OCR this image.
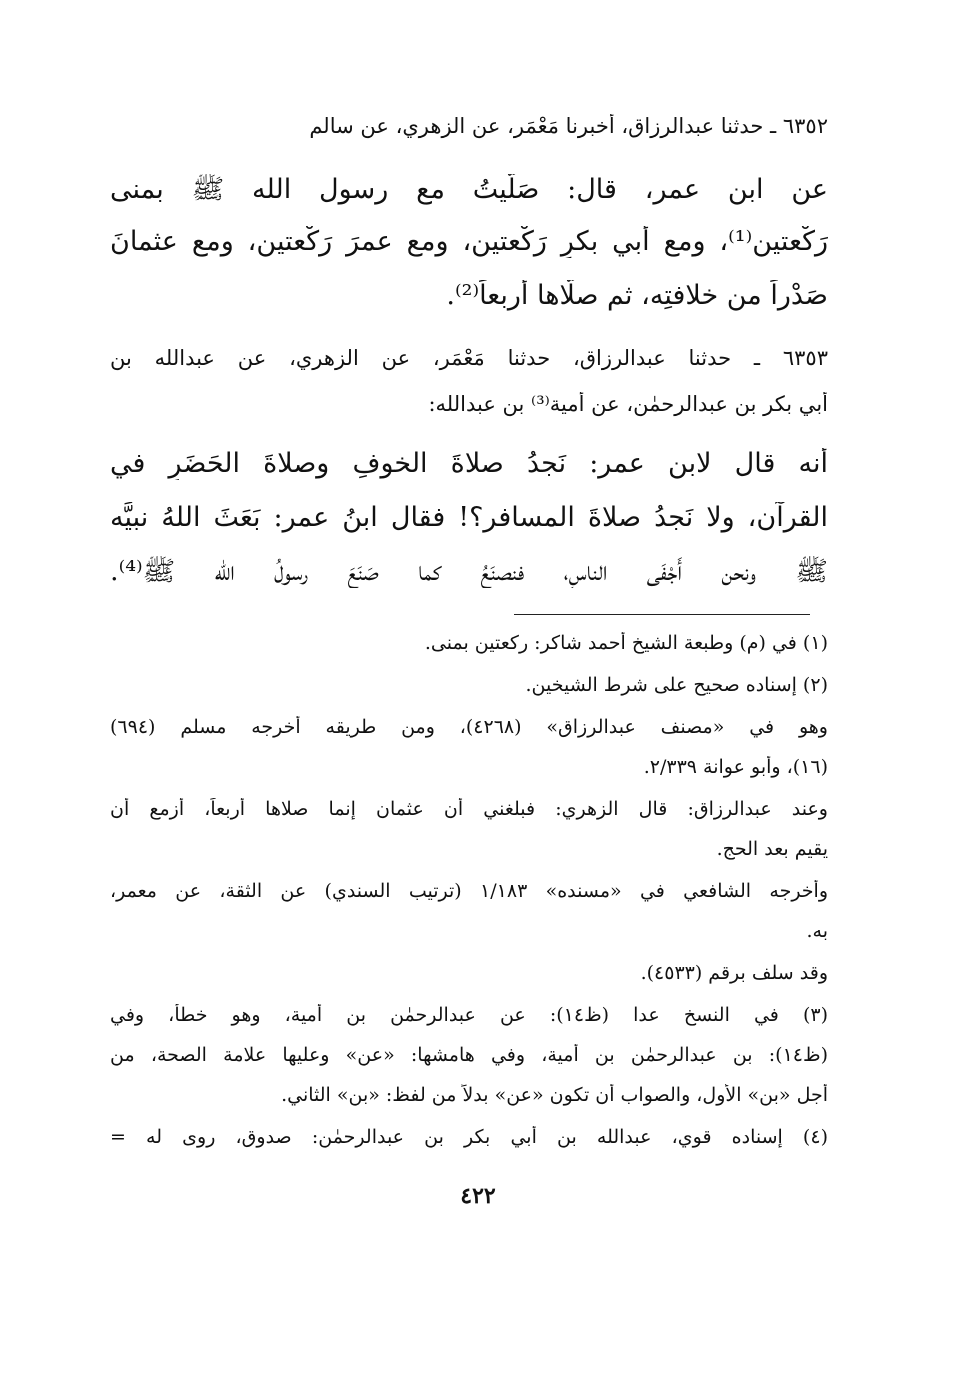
٦٣٥٢ ـ حدثنا عبدالرزاق، أخبرنا مَعْمَر، عن الزهري، عن سالم
عن ابن عمر، قال: صَلَّيتُ مع رسول الله ﷺ بمنى
رَكْعتين⁽¹⁾، ومع أبي بكرٍ رَكْعتين، ومع عمرَ رَكْعتين، ومع عثمانَ
صَدْراً من خلافتِه، ثم صلَّاها أَربعاً⁽²⁾.
٦٣٥٣ ـ حدثنا عبدالرزاق، حدثنا مَعْمَر، عن الزهري، عن عبدالله بن
أبي بكر بن عبدالرحمٰن، عن أمية⁽³⁾ بن عبدالله:
أنه قال لابن عمر: نَجدُ صلاةَ الخوفِ وصلاةَ الحَضَرِ في
القرآن، ولا نَجدُ صلاةَ المسافر؟! فقال ابنُ عمر: بَعَثَ اللهُ نبيَّه
ﷺ ونحن أَجْفَى الناسِ، فنصنَعُ كما صَنَعَ رسولُ الله ﷺ⁽⁴⁾.
(١) في (م) وطبعة الشيخ أحمد شاكر: ركعتين بمنى.
(٢) إسناده صحيح على شرط الشيخين.
وهو في «مصنف عبدالرزاق» (٤٢٦٨)، ومن طريقه أخرجه مسلم (٦٩٤)
(١٦)، وأبو عوانة ٢/٣٣٩.
وعند عبدالرزاق: قال الزهري: فبلغني أن عثمان إنما صلاها أربعاً، أزمع أن
يقيم بعد الحج.
وأخرجه الشافعي في «مسنده» ١/١٨٣ (ترتيب السندي) عن الثقة، عن معمر،
به.
وقد سلف برقم (٤٥٣٣).
(٣) في النسخ عدا (ظ١٤): عن عبدالرحمٰن بن أمية، وهو خطأ، وفي
(ظ١٤): بن عبدالرحمٰن بن أمية، وفي هامشها: «عن» وعليها علامة الصحة، من
أجل «بن» الأول، والصواب أن تكون «عن» بدلاً من لفظ: «بن» الثاني.
(٤) إسناده قوي، عبدالله بن أبي بكر بن عبدالرحمٰن: صدوق، روى له =
٤٢٢
